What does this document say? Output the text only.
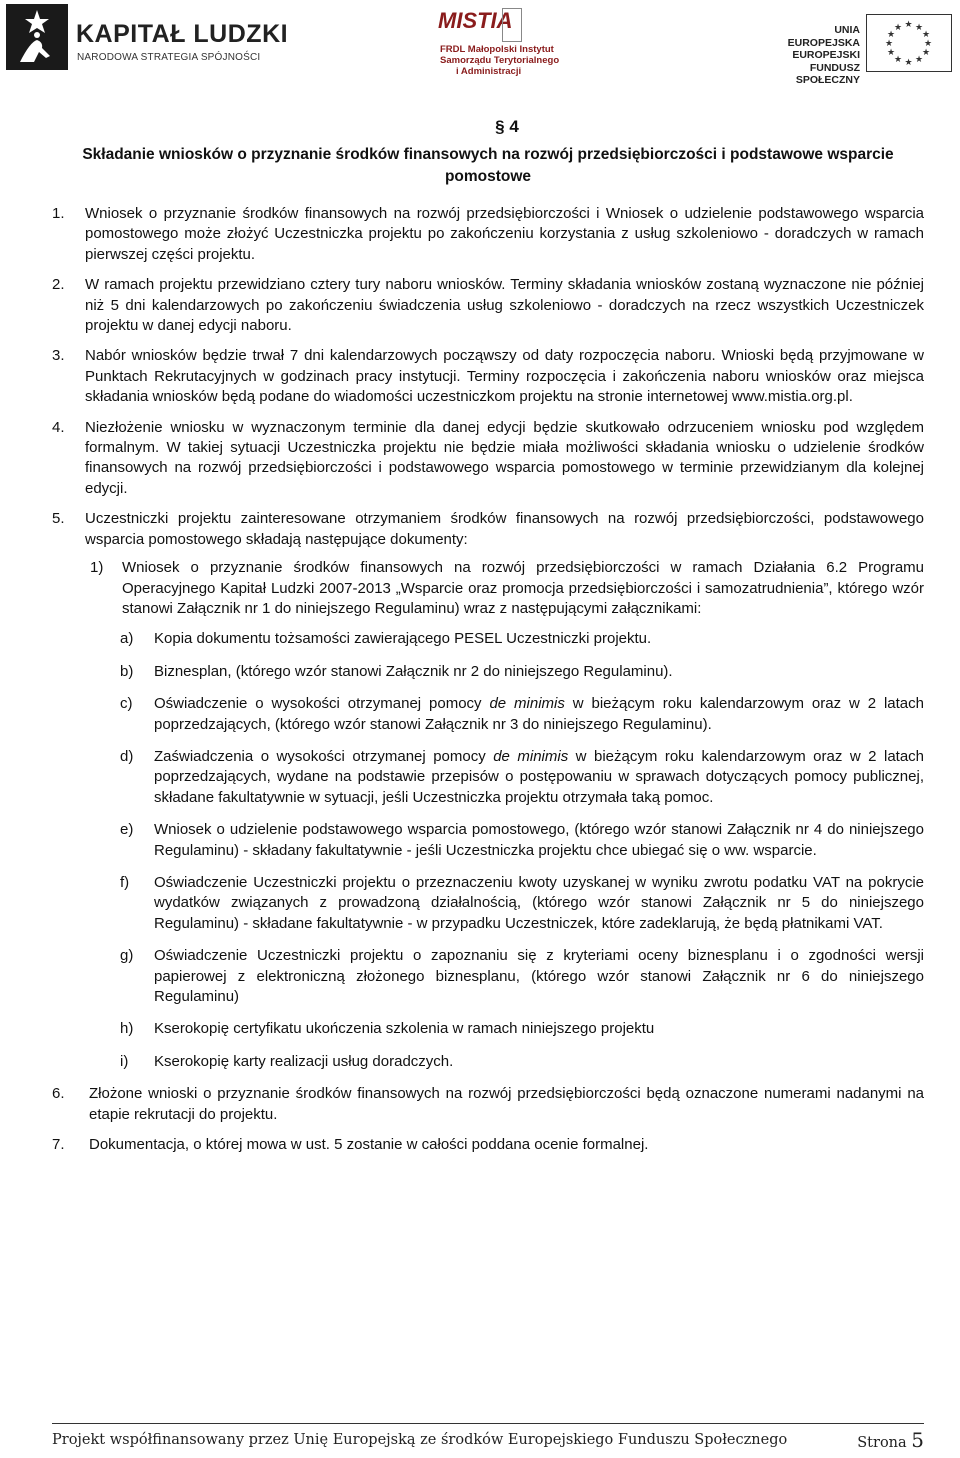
KAPITAŁ LUDZKI
NARODOWA STRATEGIA SPÓJNOŚCI
MISTIA
FRDL Małopolski Instytut
Samorządu Terytorialnego
i Administracji
UNIA EUROPEJSKA
EUROPEJSKI
FUNDUSZ SPOŁECZNY
★ ★
★
★
★
★
★
★
★
★
★
★
§ 4
Składanie wniosków o przyznanie środków finansowych na rozwój przedsiębiorczości i podstawowe wsparcie pomostowe
1. Wniosek o przyznanie środków finansowych na rozwój przedsiębiorczości i Wniosek o udzielenie podstawowego wsparcia pomostowego może złożyć Uczestniczka projektu po zakończeniu korzystania z usług szkoleniowo - doradczych w ramach pierwszej części projektu.
2. W ramach projektu przewidziano cztery tury naboru wniosków. Terminy składania wniosków zostaną wyznaczone nie później niż 5 dni kalendarzowych po zakończeniu świadczenia usług szkoleniowo - doradczych na rzecz wszystkich Uczestniczek projektu w danej edycji naboru.
3. Nabór wniosków będzie trwał 7 dni kalendarzowych począwszy od daty rozpoczęcia naboru. Wnioski będą przyjmowane w Punktach Rekrutacyjnych w godzinach pracy instytucji. Terminy rozpoczęcia i zakończenia naboru wniosków oraz miejsca składania wniosków będą podane do wiadomości uczestniczkom projektu na stronie internetowej www.mistia.org.pl.
4. Niezłożenie wniosku w wyznaczonym terminie dla danej edycji będzie skutkowało odrzuceniem wniosku pod względem formalnym. W takiej sytuacji Uczestniczka projektu nie będzie miała możliwości składania wniosku o udzielenie środków finansowych na rozwój przedsiębiorczości i podstawowego wsparcia pomostowego w terminie przewidzianym dla kolejnej edycji.
5. Uczestniczki projektu zainteresowane otrzymaniem środków finansowych na rozwój przedsiębiorczości, podstawowego wsparcia pomostowego składają następujące dokumenty:
1) Wniosek o przyznanie środków finansowych na rozwój przedsiębiorczości w ramach Działania 6.2 Programu Operacyjnego Kapitał Ludzki 2007-2013 „Wsparcie oraz promocja przedsiębiorczości i samozatrudnienia”, którego wzór stanowi Załącznik nr 1 do niniejszego Regulaminu) wraz z następującymi załącznikami:
a) Kopia dokumentu tożsamości zawierającego PESEL Uczestniczki projektu.
b) Biznesplan, (którego wzór stanowi Załącznik nr 2 do niniejszego Regulaminu).
c) Oświadczenie o wysokości otrzymanej pomocy de minimis w bieżącym roku kalendarzowym oraz w 2 latach poprzedzających, (którego wzór stanowi Załącznik nr 3 do niniejszego Regulaminu).
d) Zaświadczenia o wysokości otrzymanej pomocy de minimis w bieżącym roku kalendarzowym oraz w 2 latach poprzedzających, wydane na podstawie przepisów o postępowaniu w sprawach dotyczących pomocy publicznej, składane fakultatywnie w sytuacji, jeśli Uczestniczka projektu otrzymała taką pomoc.
e) Wniosek o udzielenie podstawowego wsparcia pomostowego, (którego wzór stanowi Załącznik nr 4 do niniejszego Regulaminu) - składany fakultatywnie - jeśli Uczestniczka projektu chce ubiegać się o ww. wsparcie.
f) Oświadczenie Uczestniczki projektu o przeznaczeniu kwoty uzyskanej w wyniku zwrotu podatku VAT na pokrycie wydatków związanych z prowadzoną działalnością, (którego wzór stanowi Załącznik nr 5 do niniejszego Regulaminu) - składane fakultatywnie - w przypadku Uczestniczek, które zadeklarują, że będą płatnikami VAT.
g) Oświadczenie Uczestniczki projektu o zapoznaniu się z kryteriami oceny biznesplanu i o zgodności wersji papierowej z elektroniczną złożonego biznesplanu, (którego wzór stanowi Załącznik nr 6 do niniejszego Regulaminu)
h) Kserokopię certyfikatu ukończenia szkolenia w ramach niniejszego projektu
i) Kserokopię karty realizacji usług doradczych.
6. Złożone wnioski o przyznanie środków finansowych na rozwój przedsiębiorczości będą oznaczone numerami nadanymi na etapie rekrutacji do projektu.
7. Dokumentacja, o której mowa w ust. 5 zostanie w całości poddana ocenie formalnej.
Projekt współfinansowany przez Unię Europejską ze środków Europejskiego Funduszu Społecznego	Strona 5
